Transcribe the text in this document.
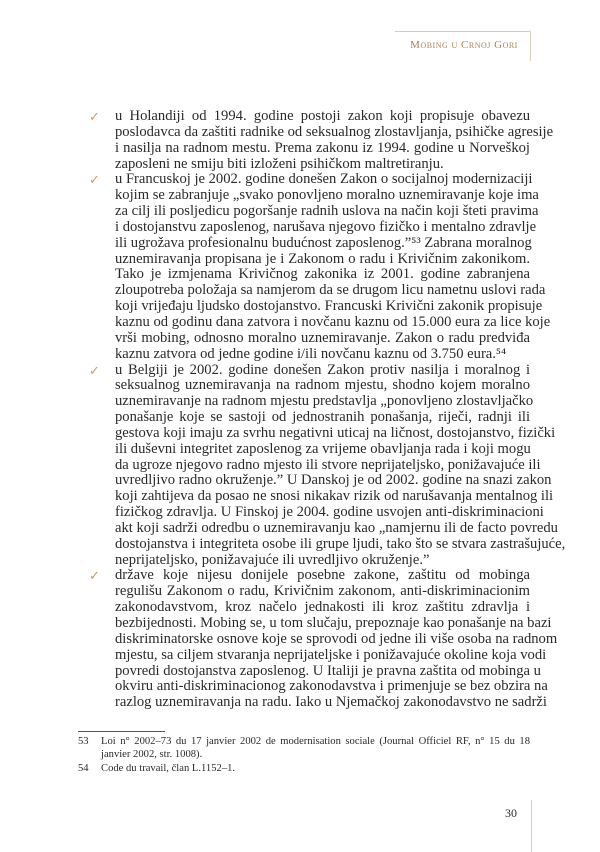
Mobing u Crnoj Gori
✓ u Holandiji od 1994. godine postoji zakon koji propisuje obavezu
poslodavca da zaštiti radnike od seksualnog zlostavljanja, psihičke agresije
i nasilja na radnom mestu. Prema zakonu iz 1994. godine u Norveškoj
zaposleni ne smiju biti izloženi psihičkom maltretiranju.
✓ u Francuskoj je 2002. godine donešen Zakon o socijalnoj modernizaciji
kojim se zabranjuje „svako ponovljeno moralno uznemiravanje koje ima
za cilj ili posljedicu pogoršanje radnih uslova na način koji šteti pravima
i dostojanstvu zaposlenog, narušava njegovo fizičko i mentalno zdravlje
ili ugrožava profesionalnu budućnost zaposlenog.”⁵³ Zabrana moralnog
uznemiravanja propisana je i Zakonom o radu i Krivičnim zakonikom.
Tako je izmjenama Krivičnog zakonika iz 2001. godine zabranjena
zloupotreba položaja sa namjerom da se drugom licu nametnu uslovi rada
koji vrijeđaju ljudsko dostojanstvo. Francuski Krivični zakonik propisuje
kaznu od godinu dana zatvora i novčanu kaznu od 15.000 eura za lice koje
vrši mobing, odnosno moralno uznemiravanje. Zakon o radu predviđa
kaznu zatvora od jedne godine i/ili novčanu kaznu od 3.750 eura.⁵⁴
✓ u Belgiji je 2002. godine donešen Zakon protiv nasilja i moralnog i
seksualnog uznemiravanja na radnom mjestu, shodno kojem moralno
uznemiravanje na radnom mjestu predstavlja „ponovljeno zlostavljačko
ponašanje koje se sastoji od jednostranih ponašanja, riječi, radnji ili
gestova koji imaju za svrhu negativni uticaj na ličnost, dostojanstvo, fizički
ili duševni integritet zaposlenog za vrijeme obavljanja rada i koji mogu
da ugroze njegovo radno mjesto ili stvore neprijateljsko, ponižavajuće ili
uvredljivo radno okruženje.” U Danskoj je od 2002. godine na snazi zakon
koji zahtijeva da posao ne snosi nikakav rizik od narušavanja mentalnog ili
fizičkog zdravlja. U Finskoj je 2004. godine usvojen anti-diskriminacioni
akt koji sadrži odredbu o uznemiravanju kao „namjernu ili de facto povredu
dostojanstva i integriteta osobe ili grupe ljudi, tako što se stvara zastrašujuće,
neprijateljsko, ponižavajuće ili uvredljivo okruženje.”
✓ države koje nijesu donijele posebne zakone, zaštitu od mobinga
regulišu Zakonom o radu, Krivičnim zakonom, anti-diskriminacionim
zakonodavstvom, kroz načelo jednakosti ili kroz zaštitu zdravlja i
bezbijednosti. Mobing se, u tom slučaju, prepoznaje kao ponašanje na bazi
diskriminatorske osnove koje se sprovodi od jedne ili više osoba na radnom
mjestu, sa ciljem stvaranja neprijateljske i ponižavajuće okoline koja vodi
povredi dostojanstva zaposlenog. U Italiji je pravna zaštita od mobinga u
okviru anti-diskriminacionog zakonodavstva i primenjuje se bez obzira na
razlog uznemiravanja na radu. Iako u Njemačkoj zakonodavstvo ne sadrži
53 Loi n° 2002–73 du 17 janvier 2002 de modernisation sociale (Journal Officiel RF, n° 15 du 18 janvier 2002, str. 1008).
54 Code du travail, član L.1152–1.
30
